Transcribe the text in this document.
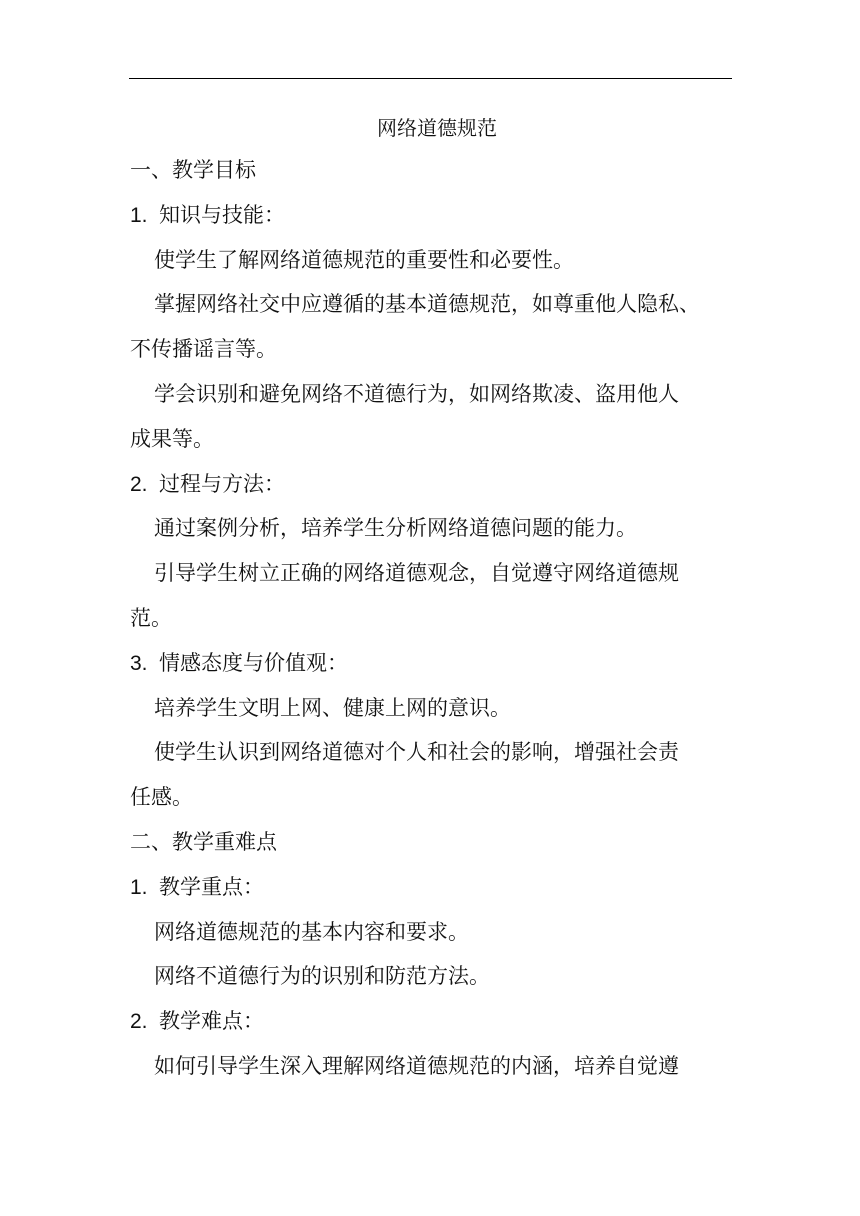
网络道德规范
一、教学目标
1. 知识与技能：
使学生了解网络道德规范的重要性和必要性。
掌握网络社交中应遵循的基本道德规范，如尊重他人隐私、
不传播谣言等。
学会识别和避免网络不道德行为，如网络欺凌、盗用他人
成果等。
2. 过程与方法：
通过案例分析，培养学生分析网络道德问题的能力。
引导学生树立正确的网络道德观念，自觉遵守网络道德规
范。
3. 情感态度与价值观：
培养学生文明上网、健康上网的意识。
使学生认识到网络道德对个人和社会的影响，增强社会责
任感。
二、教学重难点
1. 教学重点：
网络道德规范的基本内容和要求。
网络不道德行为的识别和防范方法。
2. 教学难点：
如何引导学生深入理解网络道德规范的内涵，培养自觉遵
